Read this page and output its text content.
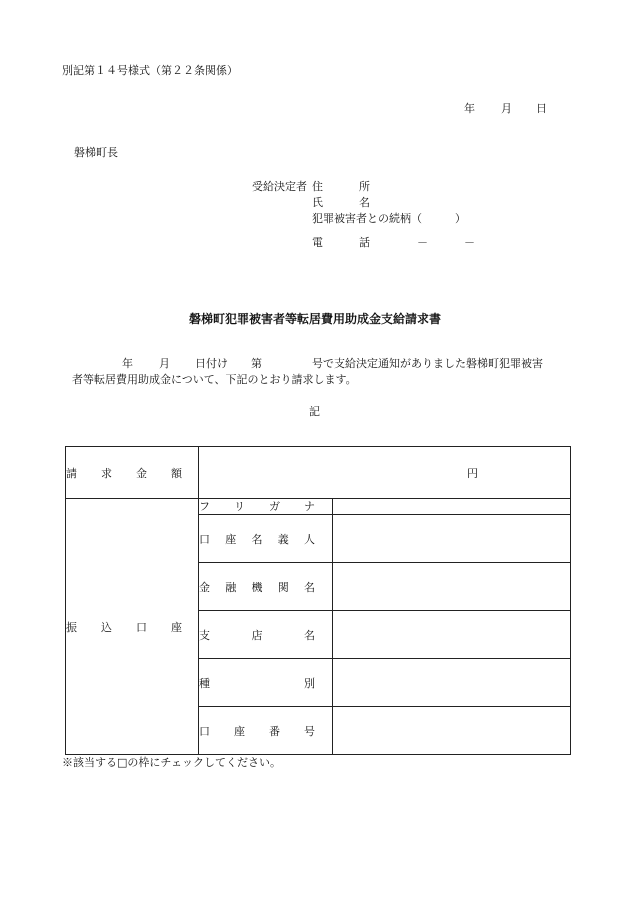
別記第１４号様式（第２２条関係）
年 月 日
磐梯町長
受給決定者 住	所
氏	名
犯罪被害者との続柄（　　　）
電	話	－	－
磐梯町犯罪被害者等転居費用助成金支給請求書
年 月 日付け 第	号で支給決定通知がありました磐梯町犯罪被害
者等転居費用助成金について、下記のとおり請求します。
記
請 求 金 額	円	

振 込 口 座	フ リ ガ ナ	

	口 座 名 義 人	

	金 融 機 関 名	

	支 店 名	

	種 別	

	口 座 番 号	

※該当する□の枠にチェックしてください。
